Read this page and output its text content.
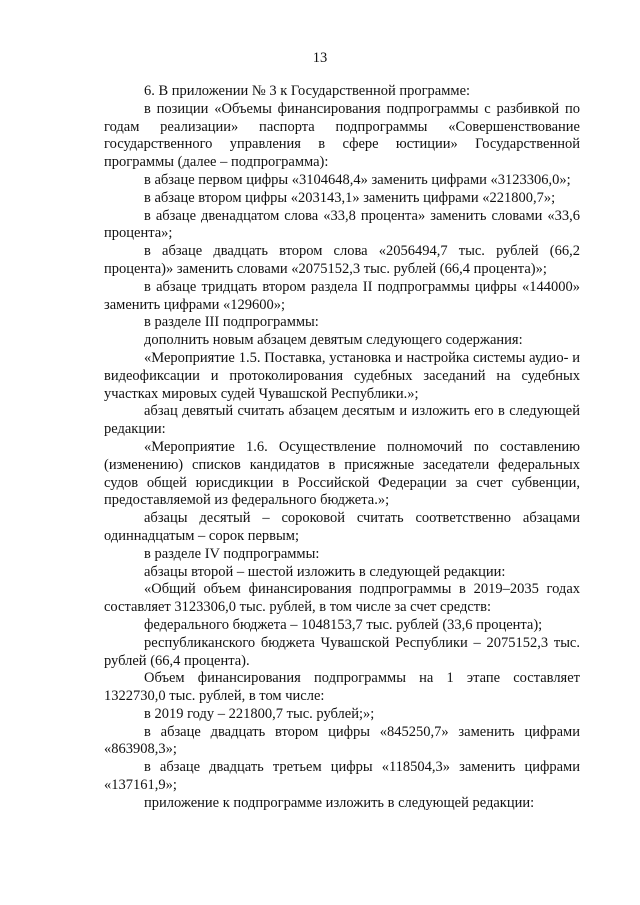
13

6. В приложении № 3 к Государственной программе:

в позиции «Объемы финансирования подпрограммы с разбивкой по годам реализации» паспорта подпрограммы «Совершенствование государственного управления в сфере юстиции» Государственной программы (далее – подпрограмма):

в абзаце первом цифры «3104648,4» заменить цифрами «3123306,0»;

в абзаце втором цифры «203143,1» заменить цифрами «221800,7»;

в абзаце двенадцатом слова «33,8 процента» заменить словами «33,6 процента»;

в абзаце двадцать втором слова «2056494,7 тыс. рублей (66,2 процента)» заменить словами «2075152,3 тыс. рублей (66,4 процента)»;

в абзаце тридцать втором раздела II подпрограммы цифры «144000» заменить цифрами «129600»;

в разделе III подпрограммы:

дополнить новым абзацем девятым следующего содержания:

«Мероприятие 1.5. Поставка, установка и настройка системы аудио- и видеофиксации и протоколирования судебных заседаний на судебных участках мировых судей Чувашской Республики.»;

абзац девятый считать абзацем десятым и изложить его в следующей редакции:

«Мероприятие 1.6. Осуществление полномочий по составлению (изменению) списков кандидатов в присяжные заседатели федеральных судов общей юрисдикции в Российской Федерации за счет субвенции, предоставляемой из федерального бюджета.»;

абзацы десятый – сороковой считать соответственно абзацами одиннадцатым – сорок первым;

в разделе IV подпрограммы:

абзацы второй – шестой изложить в следующей редакции:

«Общий объем финансирования подпрограммы в 2019–2035 годах составляет 3123306,0 тыс. рублей, в том числе за счет средств:

федерального бюджета – 1048153,7 тыс. рублей (33,6 процента);

республиканского бюджета Чувашской Республики – 2075152,3 тыс. рублей (66,4 процента).

Объем финансирования подпрограммы на 1 этапе составляет 1322730,0 тыс. рублей, в том числе:

в 2019 году – 221800,7 тыс. рублей;»;

в абзаце двадцать втором цифры «845250,7» заменить цифрами «863908,3»;

в абзаце двадцать третьем цифры «118504,3» заменить цифрами «137161,9»;

приложение к подпрограмме изложить в следующей редакции:
